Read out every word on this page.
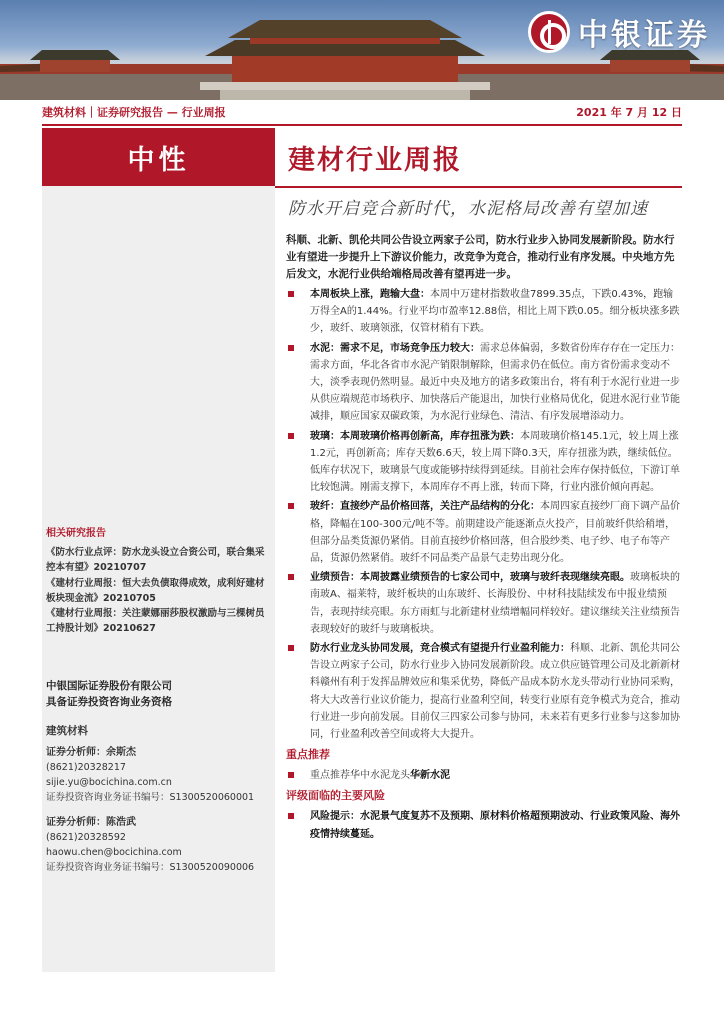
中银证券
建筑材料｜证券研究报告 — 行业周报	2021 年 7 月 12 日
中性	建材行业周报
防水开启竞合新时代，水泥格局改善有望加速
科顺、北新、凯伦共同公告设立两家子公司，防水行业步入协同发展新阶段。防水行业有望进一步提升上下游议价能力，改竞争为竞合，推动行业有序发展。中央地方先后发文，水泥行业供给端格局改善有望再进一步。
本周板块上涨，跑输大盘：本周中万建材指数收盘7899.35点，下跌0.43%，跑输万得全A的1.44%。行业平均市盈率12.88倍，相比上周下跌0.05。细分板块涨多跌少，玻纤、玻璃领涨，仅管材稍有下跌。
水泥：需求不足，市场竞争压力较大：需求总体偏弱，多数省份库存存在一定压力：需求方面，华北各省市水泥产销限制解除，但需求仍在低位。南方省份需求变动不大，淡季表现仍然明显。最近中央及地方的诸多政策出台，将有利于水泥行业进一步从供应端规范市场秩序、加快落后产能退出，加快行业格局优化，促进水泥行业节能减排，顺应国家双碳政策，为水泥行业绿色、清洁、有序发展增添动力。
玻璃：本周玻璃价格再创新高，库存扭涨为跌：本周玻璃价格145.1元，较上周上涨1.2元，再创新高；库存天数6.6天，较上周下降0.3天，库存扭涨为跌，继续低位。低库存状况下，玻璃景气度或能够持续得到延续。目前社会库存保持低位，下游订单比较饱满。刚需支撑下，本周库存不再上涨，转而下降，行业内涨价倾向再起。
玻纤：直接纱产品价格回落，关注产品结构的分化：本周四家直接纱厂商下调产品价格，降幅在100-300元/吨不等。前期建设产能逐渐点火投产，目前玻纤供给稍增，但部分品类货源仍紧俏。目前直接纱价格回落，但合股纱类、电子纱、电子布等产品，货源仍然紧俏。玻纤不同品类产品景气走势出现分化。
业绩预告：本周披露业绩预告的七家公司中，玻璃与玻纤表现继续亮眼。玻璃板块的南玻A、福莱特，玻纤板块的山东玻纤、长海股份、中材科技陆续发布中报业绩预告，表现持续亮眼。东方雨虹与北新建材业绩增幅同样较好。建议继续关注业绩预告表现较好的玻纤与玻璃板块。
防水行业龙头协同发展，竞合模式有望提升行业盈利能力：科顺、北新、凯伦共同公告设立两家子公司，防水行业步入协同发展新阶段。成立供应链管理公司及北新新材料赣州有利于发挥品牌效应和集采优势，降低产品成本防水龙头带动行业协同采购，将大大改善行业议价能力，提高行业盈利空间，转变行业原有竞争模式为竞合，推动行业进一步向前发展。目前仅三四家公司参与协同，未来若有更多行业参与这参加协同，行业盈利改善空间或将大大提升。
重点推荐
重点推荐华中水泥龙头华新水泥
评级面临的主要风险
风险提示：水泥景气度复苏不及预期、原材料价格超预期波动、行业政策风险、海外疫情持续蔓延。
相关研究报告
《防水行业点评：防水龙头设立合资公司，联合集采控本有望》20210707
《建材行业周报：恒大去负债取得成效，成利好建材板块现金流》20210705
《建材行业周报：关注蒙娜丽莎股权激励与三棵树员工持股计划》20210627
中银国际证券股份有限公司
具备证券投资咨询业务资格
建筑材料
证券分析师：余斯杰
(8621)20328217
sijie.yu@bocichina.com.cn
证券投资咨询业务证书编号：S1300520060001
证券分析师：陈浩武
(8621)20328592
haowu.chen@bocichina.com
证券投资咨询业务证书编号：S1300520090006
